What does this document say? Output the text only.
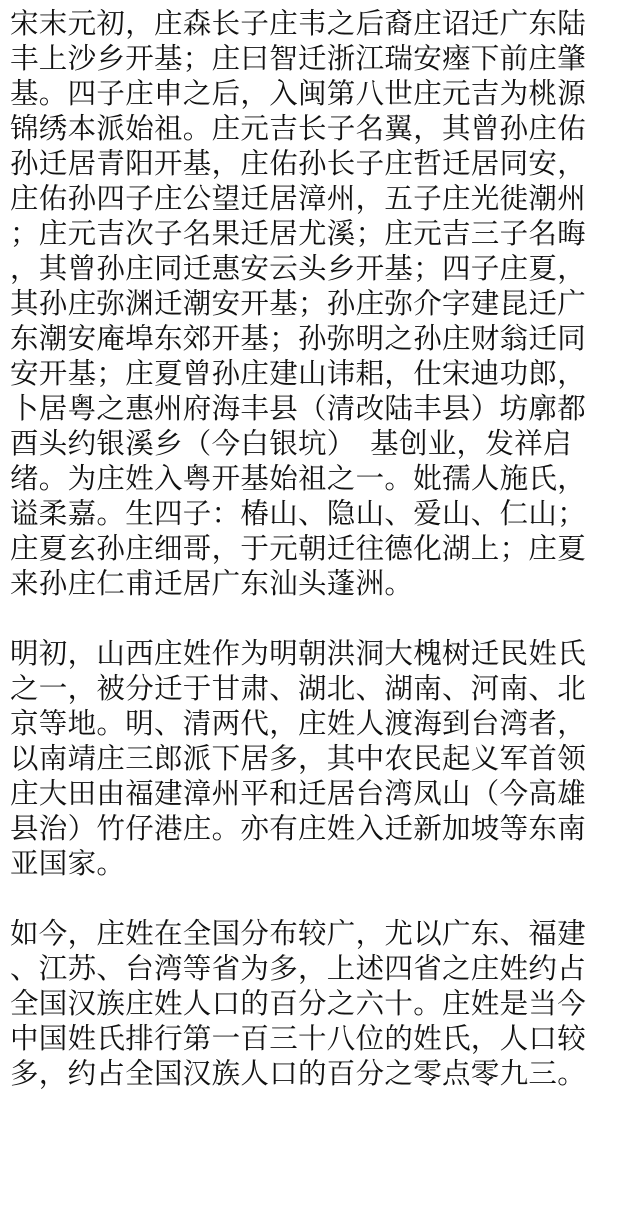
宋末元初，庄森长子庄韦之后裔庄诏迁广东陆
丰上沙乡开基；庄曰智迁浙江瑞安瘞下前庄肇
基。四子庄申之后，入闽第八世庄元吉为桃源
锦绣本派始祖。庄元吉长子名翼，其曾孙庄佑
孙迁居青阳开基，庄佑孙长子庄哲迁居同安，
庄佑孙四子庄公望迁居漳州，五子庄光徙潮州
；庄元吉次子名果迁居尤溪；庄元吉三子名晦
，其曾孙庄同迁惠安云头乡开基；四子庄夏，
其孙庄弥渊迁潮安开基；孙庄弥介字建昆迁广
东潮安庵埠东郊开基；孙弥明之孙庄财翁迁同
安开基；庄夏曾孙庄建山讳耜，仕宋迪功郎，
卜居粤之惠州府海丰县（清改陆丰县）坊廓都
酉头约银溪乡（今白银坑）　基创业，发祥启
绪。为庄姓入粤开基始祖之一。妣孺人施氏，
谥柔嘉。生四子：椿山、隐山、爱山、仁山；
庄夏玄孙庄细哥，于元朝迁往德化湖上；庄夏
来孙庄仁甫迁居广东汕头蓬洲。
明初，山西庄姓作为明朝洪洞大槐树迁民姓氏
之一，被分迁于甘肃、湖北、湖南、河南、北
京等地。明、清两代，庄姓人渡海到台湾者，
以南靖庄三郎派下居多，其中农民起义军首领
庄大田由福建漳州平和迁居台湾凤山（今高雄
县治）竹仔港庄。亦有庄姓入迁新加坡等东南
亚国家。
如今，庄姓在全国分布较广，尤以广东、福建
、江苏、台湾等省为多，上述四省之庄姓约占
全国汉族庄姓人口的百分之六十。庄姓是当今
中国姓氏排行第一百三十八位的姓氏，人口较
多，约占全国汉族人口的百分之零点零九三。
